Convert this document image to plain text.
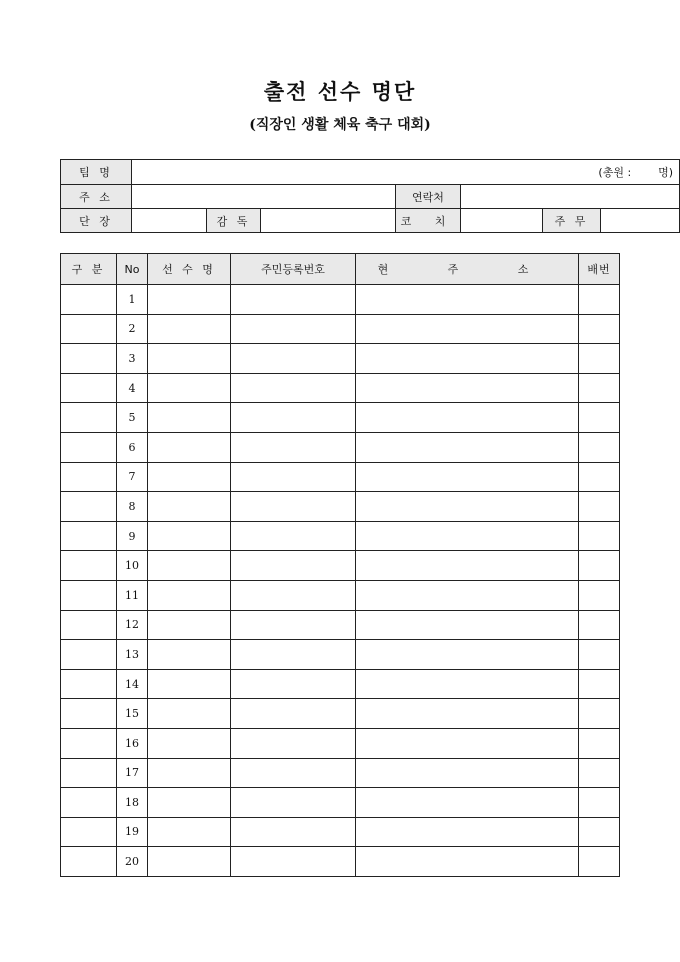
출전 선수 명단
(직장인 생활 체육 축구 대회)
팀 명	(총원 : 명)						
주 소				연락처			
단 장		감 독		코 치		주 무	
구 분	No	선 수 명	주민등록번호	현 주 소	배번
	1				
	2				
	3				
	4				
	5				
	6				
	7				
	8				
	9				
	10				
	11				
	12				
	13				
	14				
	15				
	16				
	17				
	18				
	19				
	20				
